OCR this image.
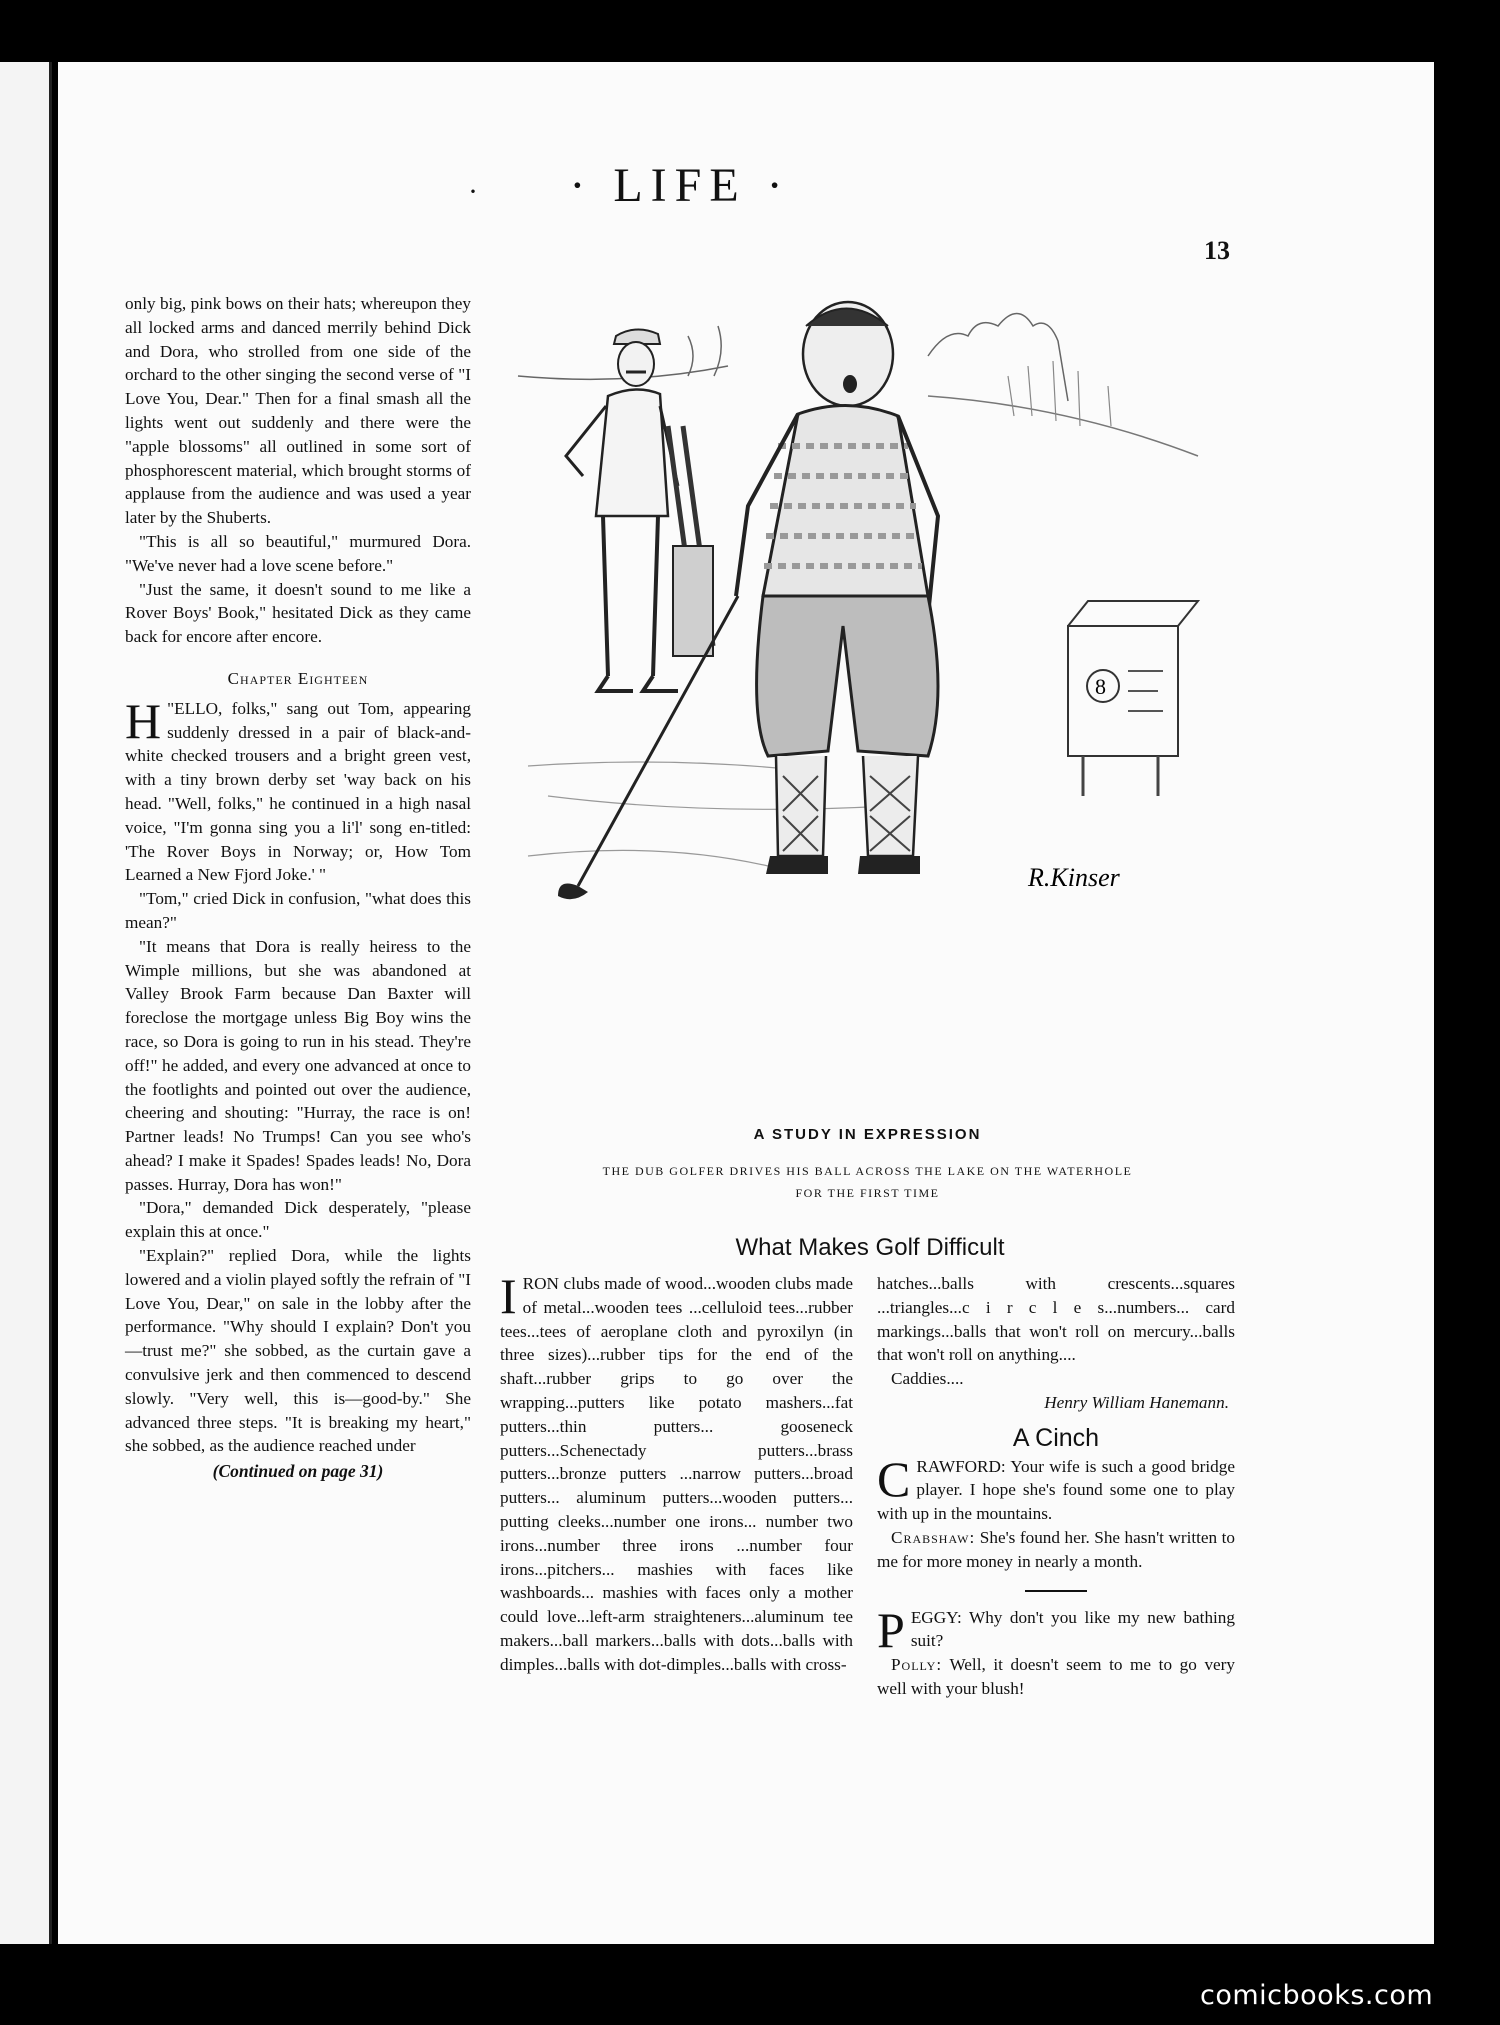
· · LIFE ·
13

only big, pink bows on their hats; whereupon they all locked arms and danced merrily behind Dick and Dora, who strolled from one side of the orchard to the other singing the second verse of "I Love You, Dear." Then for a final smash all the lights went out suddenly and there were the "apple blossoms" all outlined in some sort of phosphorescent material, which brought storms of applause from the audience and was used a year later by the Shuberts.

"This is all so beautiful," murmured Dora. "We've never had a love scene before."

"Just the same, it doesn't sound to me like a Rover Boys' Book," hesitated Dick as they came back for encore after encore.

Chapter Eighteen

"
H ELLO, folks," sang out Tom, appearing suddenly dressed in a pair of black-and-white checked trousers and a bright green vest, with a tiny brown derby set 'way back on his head. "Well, folks," he continued in a high nasal voice, "I'm gonna sing you a li'l' song en-titled: 'The Rover Boys in Norway; or, How Tom Learned a New Fjord Joke.' "

"Tom," cried Dick in confusion, "what does this mean?"

"It means that Dora is really heiress to the Wimple millions, but she was abandoned at Valley Brook Farm because Dan Baxter will foreclose the mortgage unless Big Boy wins the race, so Dora is going to run in his stead. They're off!" he added, and every one advanced at once to the footlights and pointed out over the audience, cheering and shouting: "Hurray, the race is on! Partner leads! No Trumps! Can you see who's ahead? I make it Spades! Spades leads! No, Dora passes. Hurray, Dora has won!"

"Dora," demanded Dick desperately, "please explain this at once."

"Explain?" replied Dora, while the lights lowered and a violin played softly the refrain of "I Love You, Dear," on sale in the lobby after the performance. "Why should I explain? Don't you—trust me?" she sobbed, as the curtain gave a convulsive jerk and then commenced to descend slowly. "Very well, this is—good-by." She advanced three steps. "It is breaking my heart," she sobbed, as the audience reached under

(Continued on page 31)
8
R.Kinser
A STUDY IN EXPRESSION
THE DUB GOLFER DRIVES HIS BALL ACROSS THE LAKE ON THE WATERHOLE
FOR THE FIRST TIME
What Makes Golf Difficult

IRON clubs made of wood...wooden clubs made of metal...wooden tees ...celluloid tees...rubber tees...tees of aeroplane cloth and pyroxilyn (in three sizes)...rubber tips for the end of the shaft...rubber grips to go over the wrapping...putters like potato mashers...fat putters...thin putters... gooseneck putters...Schenectady putters...brass putters...bronze putters ...narrow putters...broad putters... aluminum putters...wooden putters... putting cleeks...number one irons... number two irons...number three irons ...number four irons...pitchers... mashies with faces like washboards... mashies with faces only a mother could love...left-arm straighteners...aluminum tee makers...ball markers...balls with dots...balls with dimples...balls with dot-dimples...balls with cross-

hatches...balls with crescents...squares ...triangles...c i r c l e s...numbers... card markings...balls that won't roll on mercury...balls that won't roll on anything....

Caddies....

Henry William Hanemann.

A Cinch

CRAWFORD: Your wife is such a good bridge player. I hope she's found some one to play with up in the mountains.

Crabshaw: She's found her. She hasn't written to me for more money in nearly a month.

PEGGY: Why don't you like my new bathing suit?

Polly: Well, it doesn't seem to me to go very well with your blush!

comicbooks.com
